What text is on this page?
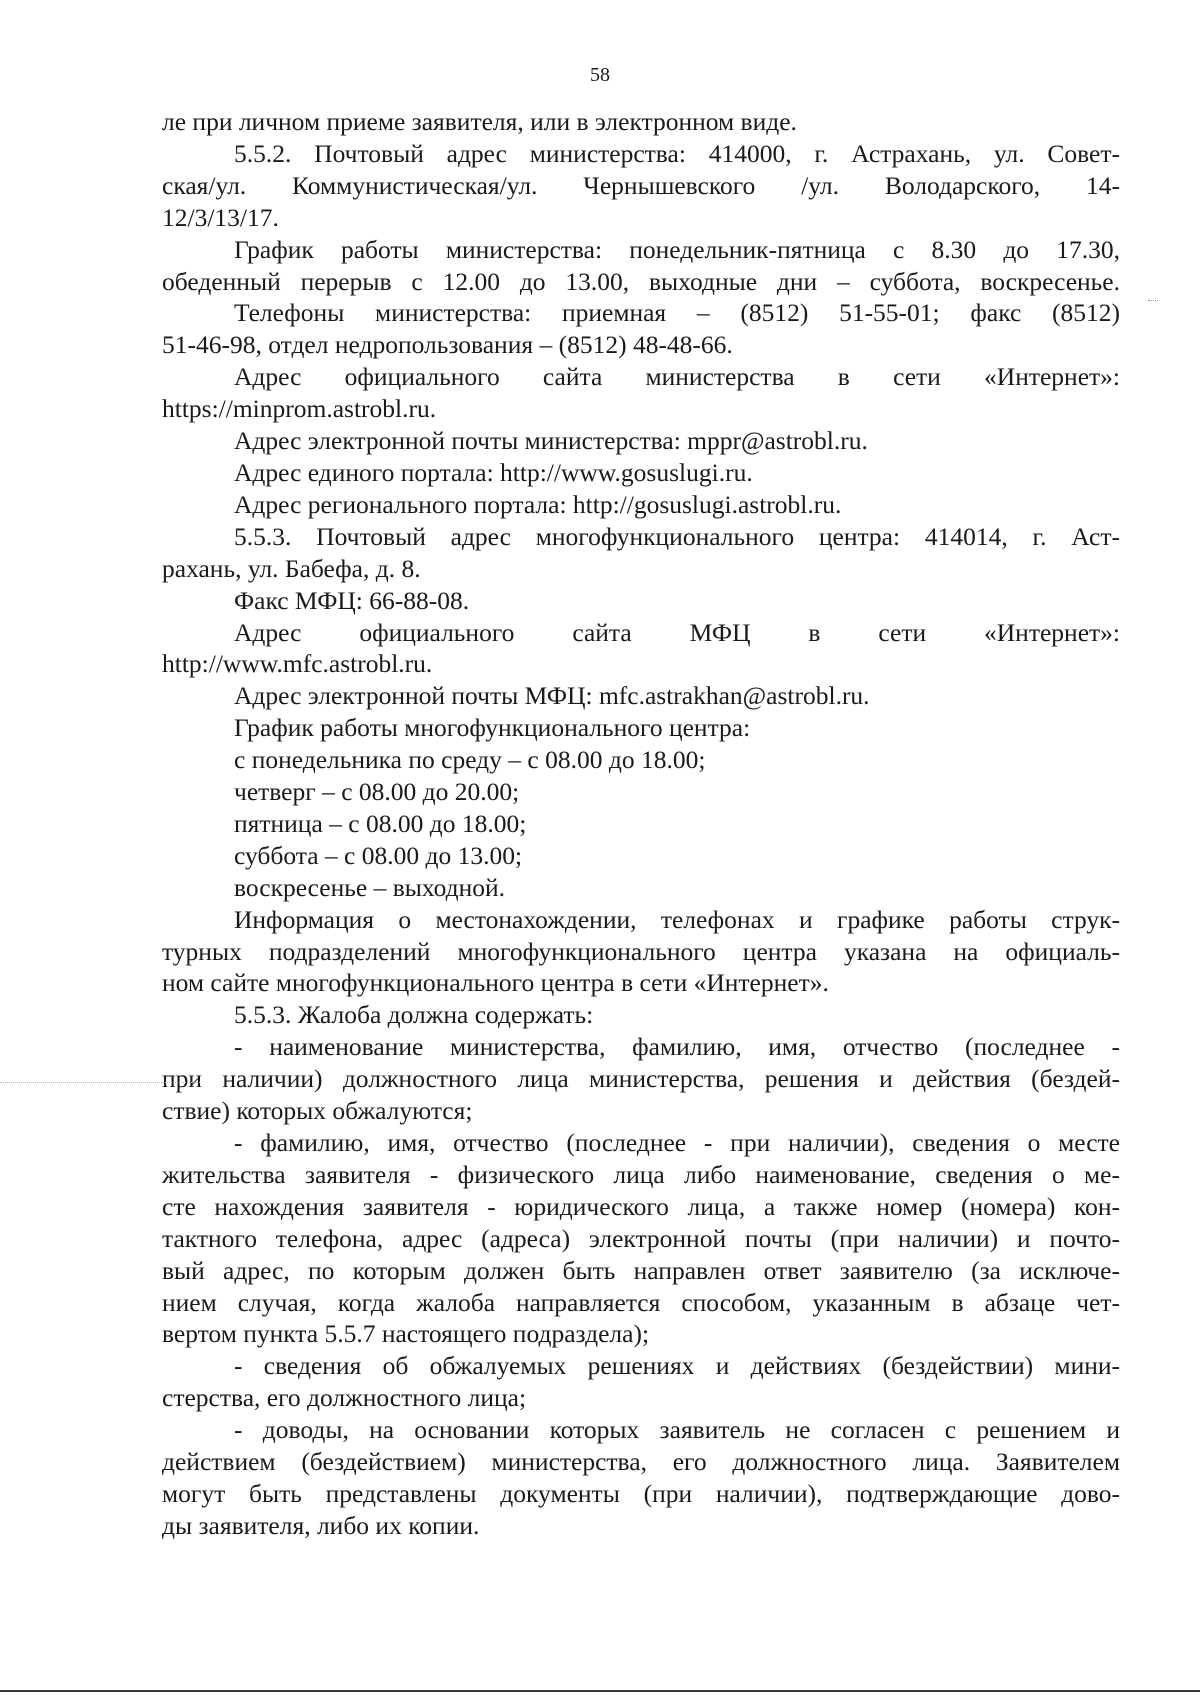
58

ле при личном приеме заявителя, или в электронном виде.

5.5.2. Почтовый адрес министерства: 414000, г. Астрахань, ул. Совет-

ская/ул. Коммунистическая/ул. Чернышевского /ул. Володарского, 14-

12/3/13/17.

График работы министерства: понедельник-пятница с 8.30 до 17.30,

обеденный перерыв с 12.00 до 13.00, выходные дни – суббота, воскресенье.

Телефоны министерства: приемная – (8512) 51-55-01; факс (8512)

51-46-98, отдел недропользования – (8512) 48-48-66.

Адрес официального сайта министерства в сети «Интернет»:

https://minprom.astrobl.ru.

Адрес электронной почты министерства: mppr@astrobl.ru.

Адрес единого портала: http://www.gosuslugi.ru.

Адрес регионального портала: http://gosuslugi.astrobl.ru.

5.5.3. Почтовый адрес многофункционального центра: 414014, г. Аст-

рахань, ул. Бабефа, д. 8.

Факс МФЦ: 66-88-08.

Адрес официального сайта МФЦ в сети «Интернет»:

http://www.mfc.astrobl.ru.

Адрес электронной почты МФЦ: mfc.astrakhan@astrobl.ru.

График работы многофункционального центра:

с понедельника по среду – с 08.00 до 18.00;

четверг – с 08.00 до 20.00;

пятница – с 08.00 до 18.00;

суббота – с 08.00 до 13.00;

воскресенье – выходной.

Информация о местонахождении, телефонах и графике работы струк-

турных подразделений многофункционального центра указана на официаль-

ном сайте многофункционального центра в сети «Интернет».

5.5.3. Жалоба должна содержать:

- наименование министерства, фамилию, имя, отчество (последнее -

при наличии) должностного лица министерства, решения и действия (бездей-

ствие) которых обжалуются;

- фамилию, имя, отчество (последнее - при наличии), сведения о месте

жительства заявителя - физического лица либо наименование, сведения о ме-

сте нахождения заявителя - юридического лица, а также номер (номера) кон-

тактного телефона, адрес (адреса) электронной почты (при наличии) и почто-

вый адрес, по которым должен быть направлен ответ заявителю (за исключе-

нием случая, когда жалоба направляется способом, указанным в абзаце чет-

вертом пункта 5.5.7 настоящего подраздела);

- сведения об обжалуемых решениях и действиях (бездействии) мини-

стерства, его должностного лица;

- доводы, на основании которых заявитель не согласен с решением и

действием (бездействием) министерства, его должностного лица. Заявителем

могут быть представлены документы (при наличии), подтверждающие дово-

ды заявителя, либо их копии.
